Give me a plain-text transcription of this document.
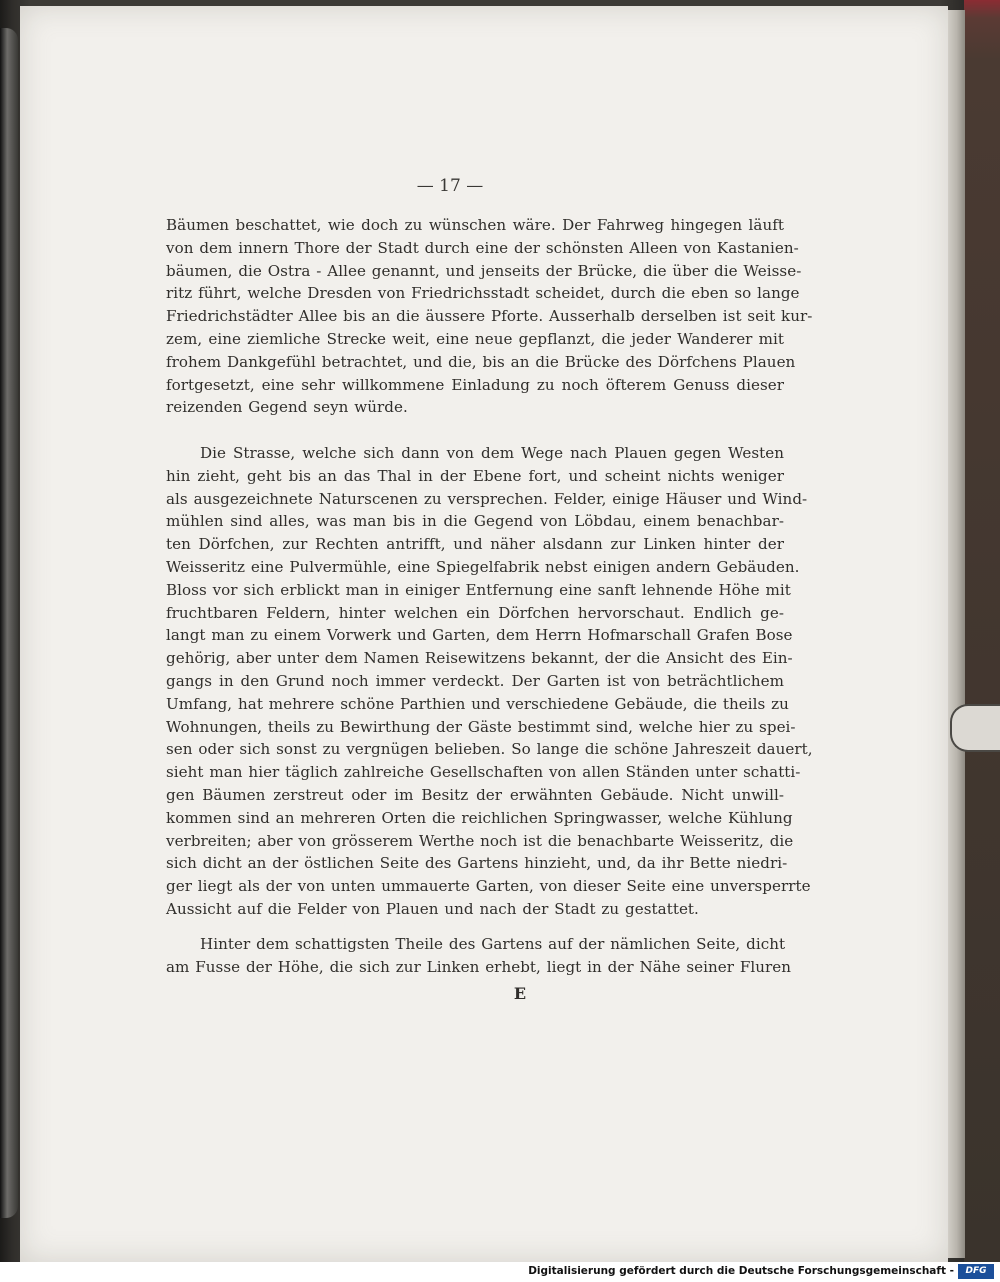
— 17 —
Bäumen beschattet, wie doch zu wünschen wäre. Der Fahrweg hingegen läuft
von dem innern Thore der Stadt durch eine der schönsten Alleen von Kastanien-
bäumen, die Ostra - Allee genannt, und jenseits der Brücke, die über die Weisse-
ritz führt, welche Dresden von Friedrichsstadt scheidet, durch die eben so lange
Friedrichstädter Allee bis an die äussere Pforte. Ausserhalb derselben ist seit kur-
zem, eine ziemliche Strecke weit, eine neue gepflanzt, die jeder Wanderer mit
frohem Dankgefühl betrachtet, und die, bis an die Brücke des Dörfchens Plauen
fortgesetzt, eine sehr willkommene Einladung zu noch öfterem Genuss dieser
reizenden Gegend seyn würde.
Die Strasse, welche sich dann von dem Wege nach Plauen gegen Westen
hin zieht, geht bis an das Thal in der Ebene fort, und scheint nichts weniger
als ausgezeichnete Naturscenen zu versprechen. Felder, einige Häuser und Wind-
mühlen sind alles, was man bis in die Gegend von Löbdau, einem benachbar-
ten Dörfchen, zur Rechten antrifft, und näher alsdann zur Linken hinter der
Weisseritz eine Pulvermühle, eine Spiegelfabrik nebst einigen andern Gebäuden.
Bloss vor sich erblickt man in einiger Entfernung eine sanft lehnende Höhe mit
fruchtbaren Feldern, hinter welchen ein Dörfchen hervorschaut. Endlich ge-
langt man zu einem Vorwerk und Garten, dem Herrn Hofmarschall Grafen Bose
gehörig, aber unter dem Namen Reisewitzens bekannt, der die Ansicht des Ein-
gangs in den Grund noch immer verdeckt. Der Garten ist von beträchtlichem
Umfang, hat mehrere schöne Parthien und verschiedene Gebäude, die theils zu
Wohnungen, theils zu Bewirthung der Gäste bestimmt sind, welche hier zu spei-
sen oder sich sonst zu vergnügen belieben. So lange die schöne Jahreszeit dauert,
sieht man hier täglich zahlreiche Gesellschaften von allen Ständen unter schatti-
gen Bäumen zerstreut oder im Besitz der erwähnten Gebäude. Nicht unwill-
kommen sind an mehreren Orten die reichlichen Springwasser, welche Kühlung
verbreiten; aber von grösserem Werthe noch ist die benachbarte Weisseritz, die
sich dicht an der östlichen Seite des Gartens hinzieht, und, da ihr Bette niedri-
ger liegt als der von unten ummauerte Garten, von dieser Seite eine unversperrte
Aussicht auf die Felder von Plauen und nach der Stadt zu gestattet.
Hinter dem schattigsten Theile des Gartens auf der nämlichen Seite, dicht
am Fusse der Höhe, die sich zur Linken erhebt, liegt in der Nähe seiner Fluren
E
Digitalisierung gefördert durch die Deutsche Forschungsgemeinschaft -	DFG
